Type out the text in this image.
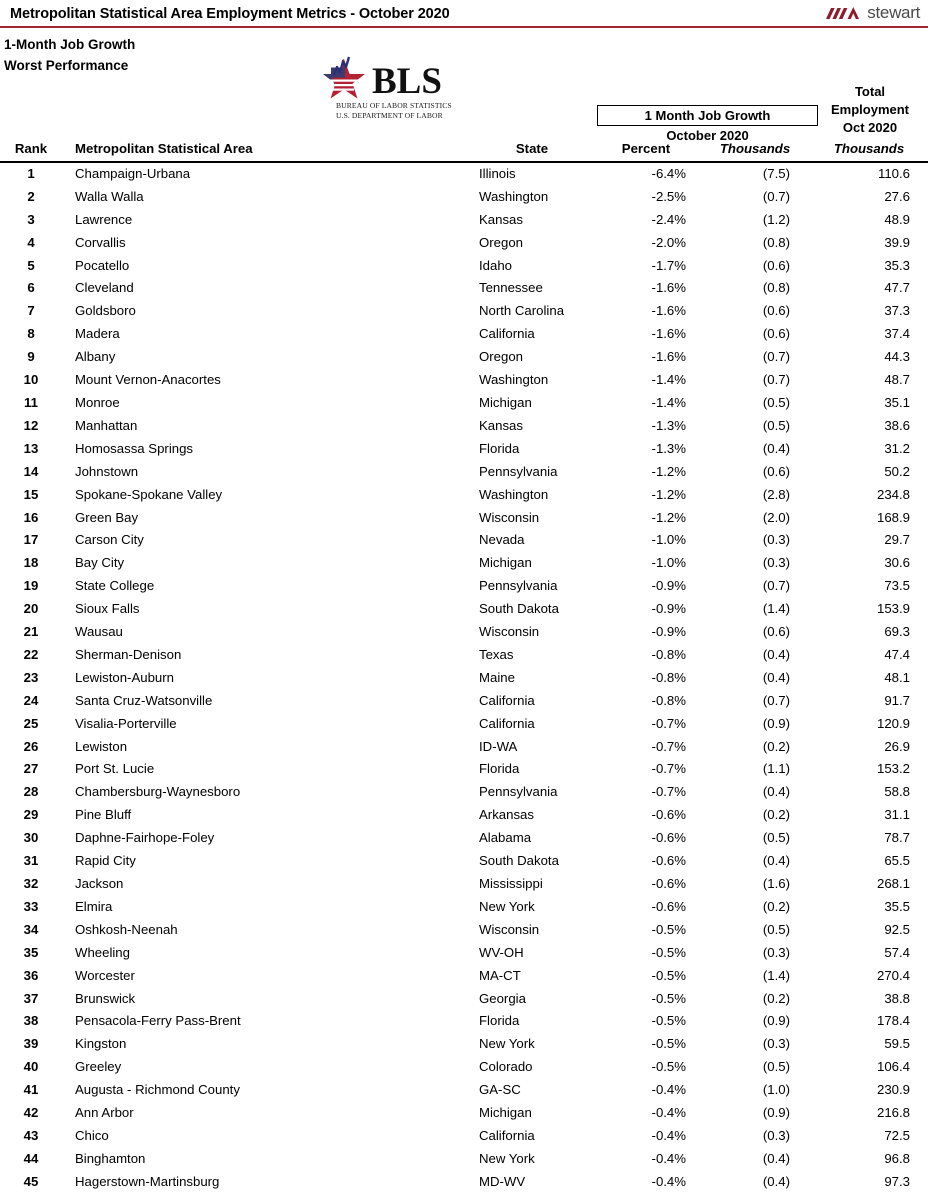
Metropolitan Statistical Area Employment Metrics - October 2020	stewart
1-Month Job Growth
Worst Performance	BLS
BUREAU OF LABOR STATISTICS
U.S. DEPARTMENT OF LABOR	1 Month Job Growth
October 2020
Total
Employment
Oct 2020
Rank	Metropolitan Statistical Area	State	Percent	Thousands	Thousands
1	Champaign-Urbana	Illinois	-6.4%	(7.5)	110.6
2	Walla Walla	Washington	-2.5%	(0.7)	27.6
3	Lawrence	Kansas	-2.4%	(1.2)	48.9
4	Corvallis	Oregon	-2.0%	(0.8)	39.9
5	Pocatello	Idaho	-1.7%	(0.6)	35.3
6	Cleveland	Tennessee	-1.6%	(0.8)	47.7
7	Goldsboro	North Carolina	-1.6%	(0.6)	37.3
8	Madera	California	-1.6%	(0.6)	37.4
9	Albany	Oregon	-1.6%	(0.7)	44.3
10	Mount Vernon-Anacortes	Washington	-1.4%	(0.7)	48.7
11	Monroe	Michigan	-1.4%	(0.5)	35.1
12	Manhattan	Kansas	-1.3%	(0.5)	38.6
13	Homosassa Springs	Florida	-1.3%	(0.4)	31.2
14	Johnstown	Pennsylvania	-1.2%	(0.6)	50.2
15	Spokane-Spokane Valley	Washington	-1.2%	(2.8)	234.8
16	Green Bay	Wisconsin	-1.2%	(2.0)	168.9
17	Carson City	Nevada	-1.0%	(0.3)	29.7
18	Bay City	Michigan	-1.0%	(0.3)	30.6
19	State College	Pennsylvania	-0.9%	(0.7)	73.5
20	Sioux Falls	South Dakota	-0.9%	(1.4)	153.9
21	Wausau	Wisconsin	-0.9%	(0.6)	69.3
22	Sherman-Denison	Texas	-0.8%	(0.4)	47.4
23	Lewiston-Auburn	Maine	-0.8%	(0.4)	48.1
24	Santa Cruz-Watsonville	California	-0.8%	(0.7)	91.7
25	Visalia-Porterville	California	-0.7%	(0.9)	120.9
26	Lewiston	ID-WA	-0.7%	(0.2)	26.9
27	Port St. Lucie	Florida	-0.7%	(1.1)	153.2
28	Chambersburg-Waynesboro	Pennsylvania	-0.7%	(0.4)	58.8
29	Pine Bluff	Arkansas	-0.6%	(0.2)	31.1
30	Daphne-Fairhope-Foley	Alabama	-0.6%	(0.5)	78.7
31	Rapid City	South Dakota	-0.6%	(0.4)	65.5
32	Jackson	Mississippi	-0.6%	(1.6)	268.1
33	Elmira	New York	-0.6%	(0.2)	35.5
34	Oshkosh-Neenah	Wisconsin	-0.5%	(0.5)	92.5
35	Wheeling	WV-OH	-0.5%	(0.3)	57.4
36	Worcester	MA-CT	-0.5%	(1.4)	270.4
37	Brunswick	Georgia	-0.5%	(0.2)	38.8
38	Pensacola-Ferry Pass-Brent	Florida	-0.5%	(0.9)	178.4
39	Kingston	New York	-0.5%	(0.3)	59.5
40	Greeley	Colorado	-0.5%	(0.5)	106.4
41	Augusta - Richmond County	GA-SC	-0.4%	(1.0)	230.9
42	Ann Arbor	Michigan	-0.4%	(0.9)	216.8
43	Chico	California	-0.4%	(0.3)	72.5
44	Binghamton	New York	-0.4%	(0.4)	96.8
45	Hagerstown-Martinsburg	MD-WV	-0.4%	(0.4)	97.3
